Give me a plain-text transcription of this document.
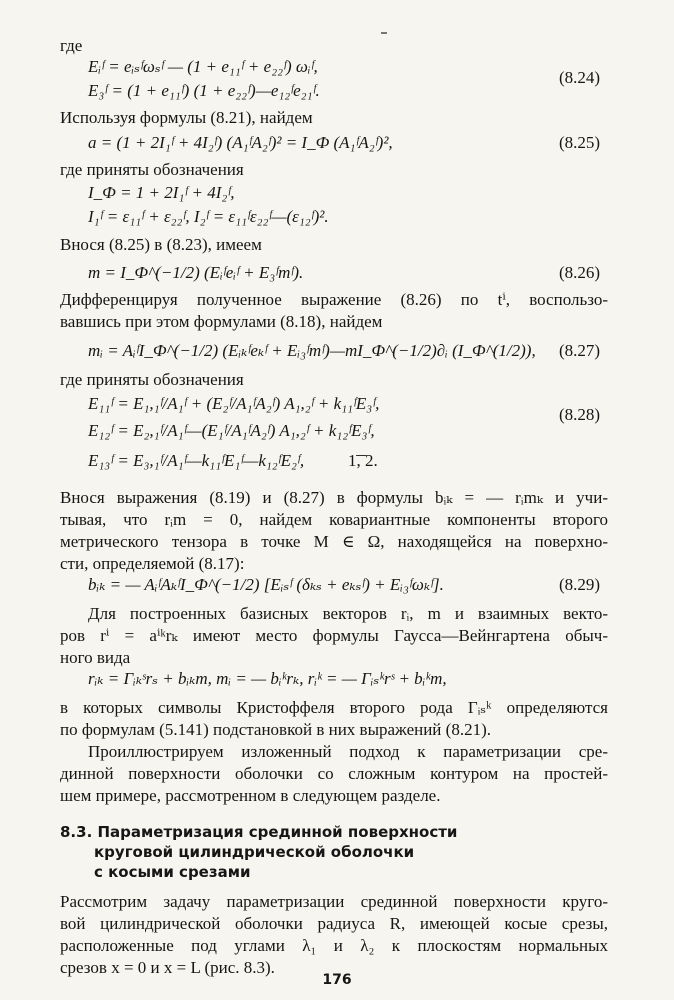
где
Eᵢᶠ = eᵢₛᶠωₛᶠ — (1 + e₁₁ᶠ + e₂₂ᶠ) ωᵢᶠ,
E₃ᶠ = (1 + e₁₁ᶠ) (1 + e₂₂ᶠ)—e₁₂ᶠe₂₁ᶠ.
(8.24)
Используя формулы (8.21), найдем
a = (1 + 2I₁ᶠ + 4I₂ᶠ) (A₁ᶠA₂ᶠ)² = I_Ф (A₁ᶠA₂ᶠ)²,	(8.25)
где приняты обозначения
I_Ф = 1 + 2I₁ᶠ + 4I₂ᶠ,
I₁ᶠ = ε₁₁ᶠ + ε₂₂ᶠ, I₂ᶠ = ε₁₁ᶠε₂₂ᶠ—(ε₁₂ᶠ)².
Внося (8.25) в (8.23), имеем
m = I_Ф^(−1/2) (Eᵢᶠeᵢᶠ + E₃ᶠmᶠ).	(8.26)
Дифференцируя полученное выражение (8.26) по tⁱ, воспользо-
вавшись при этом формулами (8.18), найдем
mᵢ = AᵢᶠI_Ф^(−1/2) (Eᵢₖᶠeₖᶠ + Eᵢ₃ᶠmᶠ)—mI_Ф^(−1/2)∂ᵢ (I_Ф^(1/2)), (8.27)
где приняты обозначения
E₁₁ᶠ = E₁,₁ᶠ/A₁ᶠ + (E₂ᶠ/A₁ᶠA₂ᶠ) A₁,₂ᶠ + k₁₁ᶠE₃ᶠ,
E₁₂ᶠ = E₂,₁ᶠ/A₁ᶠ—(E₁ᶠ/A₁ᶠA₂ᶠ) A₁,₂ᶠ + k₁₂ᶠE₃ᶠ,
E₁₃ᶠ = E₃,₁ᶠ/A₁ᶠ—k₁₁ᶠE₁ᶠ—k₁₂ᶠE₂ᶠ,	1͞, 2.
(8.28)
Внося выражения (8.19) и (8.27) в формулы bᵢₖ = — rᵢmₖ и учи-
тывая, что rᵢm = 0, найдем ковариантные компоненты второго
метрического тензора в точке M ∈ Ω, находящейся на поверхно-
сти, определяемой (8.17):
bᵢₖ = — AᵢᶠAₖᶠI_Ф^(−1/2) [Eᵢₛᶠ (δₖₛ + eₖₛᶠ) + Eᵢ₃ᶠωₖᶠ].	(8.29)
Для построенных базисных векторов rᵢ, m и взаимных векто-
ров rⁱ = aⁱᵏrₖ имеют место формулы Гаусса—Вейнгартена обыч-
ного вида
rᵢₖ = Γᵢₖˢrₛ + bᵢₖm, mᵢ = — bᵢᵏrₖ, rᵢᵏ = — Γᵢₛᵏrˢ + bᵢᵏm,
в которых символы Кристоффеля второго рода Γᵢₛᵏ определяются
по формулам (5.141) подстановкой в них выражений (8.21).
Проиллюстрируем изложенный подход к параметризации сре-
динной поверхности оболочки со сложным контуром на простей-
шем примере, рассмотренном в следующем разделе.
8.3. Параметризация срединной поверхности
круговой цилиндрической оболочки
с косыми срезами
Рассмотрим задачу параметризации срединной поверхности круго-
вой цилиндрической оболочки радиуса R, имеющей косые срезы,
расположенные под углами λ₁ и λ₂ к плоскостям нормальных
срезов x = 0 и x = L (рис. 8.3).
176
